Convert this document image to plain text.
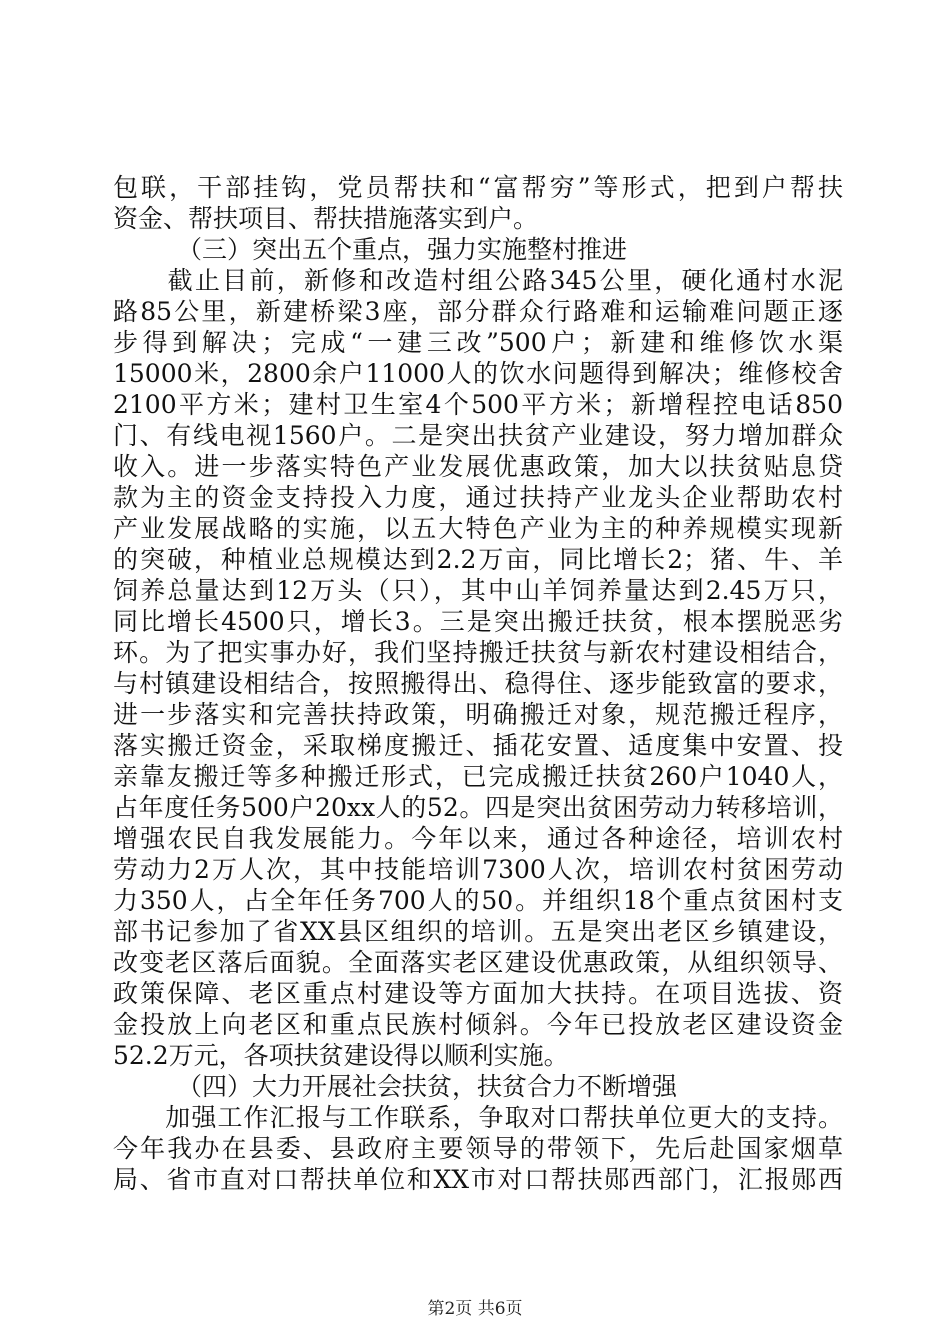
包联，干部挂钩，党员帮扶和“富帮穷”等形式，把到户帮扶
资金、帮扶项目、帮扶措施落实到户。
（三）突出五个重点，强力实施整村推进
　　截止目前，新修和改造村组公路345公里，硬化通村水泥
路85公里，新建桥梁3座，部分群众行路难和运输难问题正逐
步得到解决；完成“一建三改”500户；新建和维修饮水渠
15000米，2800余户11000人的饮水问题得到解决；维修校舍
2100平方米；建村卫生室4个500平方米；新增程控电话850
门、有线电视1560户。二是突出扶贫产业建设，努力增加群众
收入。进一步落实特色产业发展优惠政策，加大以扶贫贴息贷
款为主的资金支持投入力度，通过扶持产业龙头企业帮助农村
产业发展战略的实施，以五大特色产业为主的种养规模实现新
的突破，种植业总规模达到2.2万亩，同比增长2；猪、牛、羊
饲养总量达到12万头（只），其中山羊饲养量达到2.45万只，
同比增长4500只，增长3。三是突出搬迁扶贫，根本摆脱恶劣
环。为了把实事办好，我们坚持搬迁扶贫与新农村建设相结合，
与村镇建设相结合，按照搬得出、稳得住、逐步能致富的要求，
进一步落实和完善扶持政策，明确搬迁对象，规范搬迁程序，
落实搬迁资金，采取梯度搬迁、插花安置、适度集中安置、投
亲靠友搬迁等多种搬迁形式，已完成搬迁扶贫260户1040人，
占年度任务500户20xx人的52。四是突出贫困劳动力转移培训，
增强农民自我发展能力。今年以来，通过各种途径，培训农村
劳动力2万人次，其中技能培训7300人次，培训农村贫困劳动
力350人，占全年任务700人的50。并组织18个重点贫困村支
部书记参加了省XX县区组织的培训。五是突出老区乡镇建设，
改变老区落后面貌。全面落实老区建设优惠政策，从组织领导、
政策保障、老区重点村建设等方面加大扶持。在项目选拔、资
金投放上向老区和重点民族村倾斜。今年已投放老区建设资金
52.2万元，各项扶贫建设得以顺利实施。
（四）大力开展社会扶贫，扶贫合力不断增强
　　加强工作汇报与工作联系，争取对口帮扶单位更大的支持。
今年我办在县委、县政府主要领导的带领下，先后赴国家烟草
局、省市直对口帮扶单位和XX市对口帮扶郧西部门，汇报郧西
第2页 共6页
